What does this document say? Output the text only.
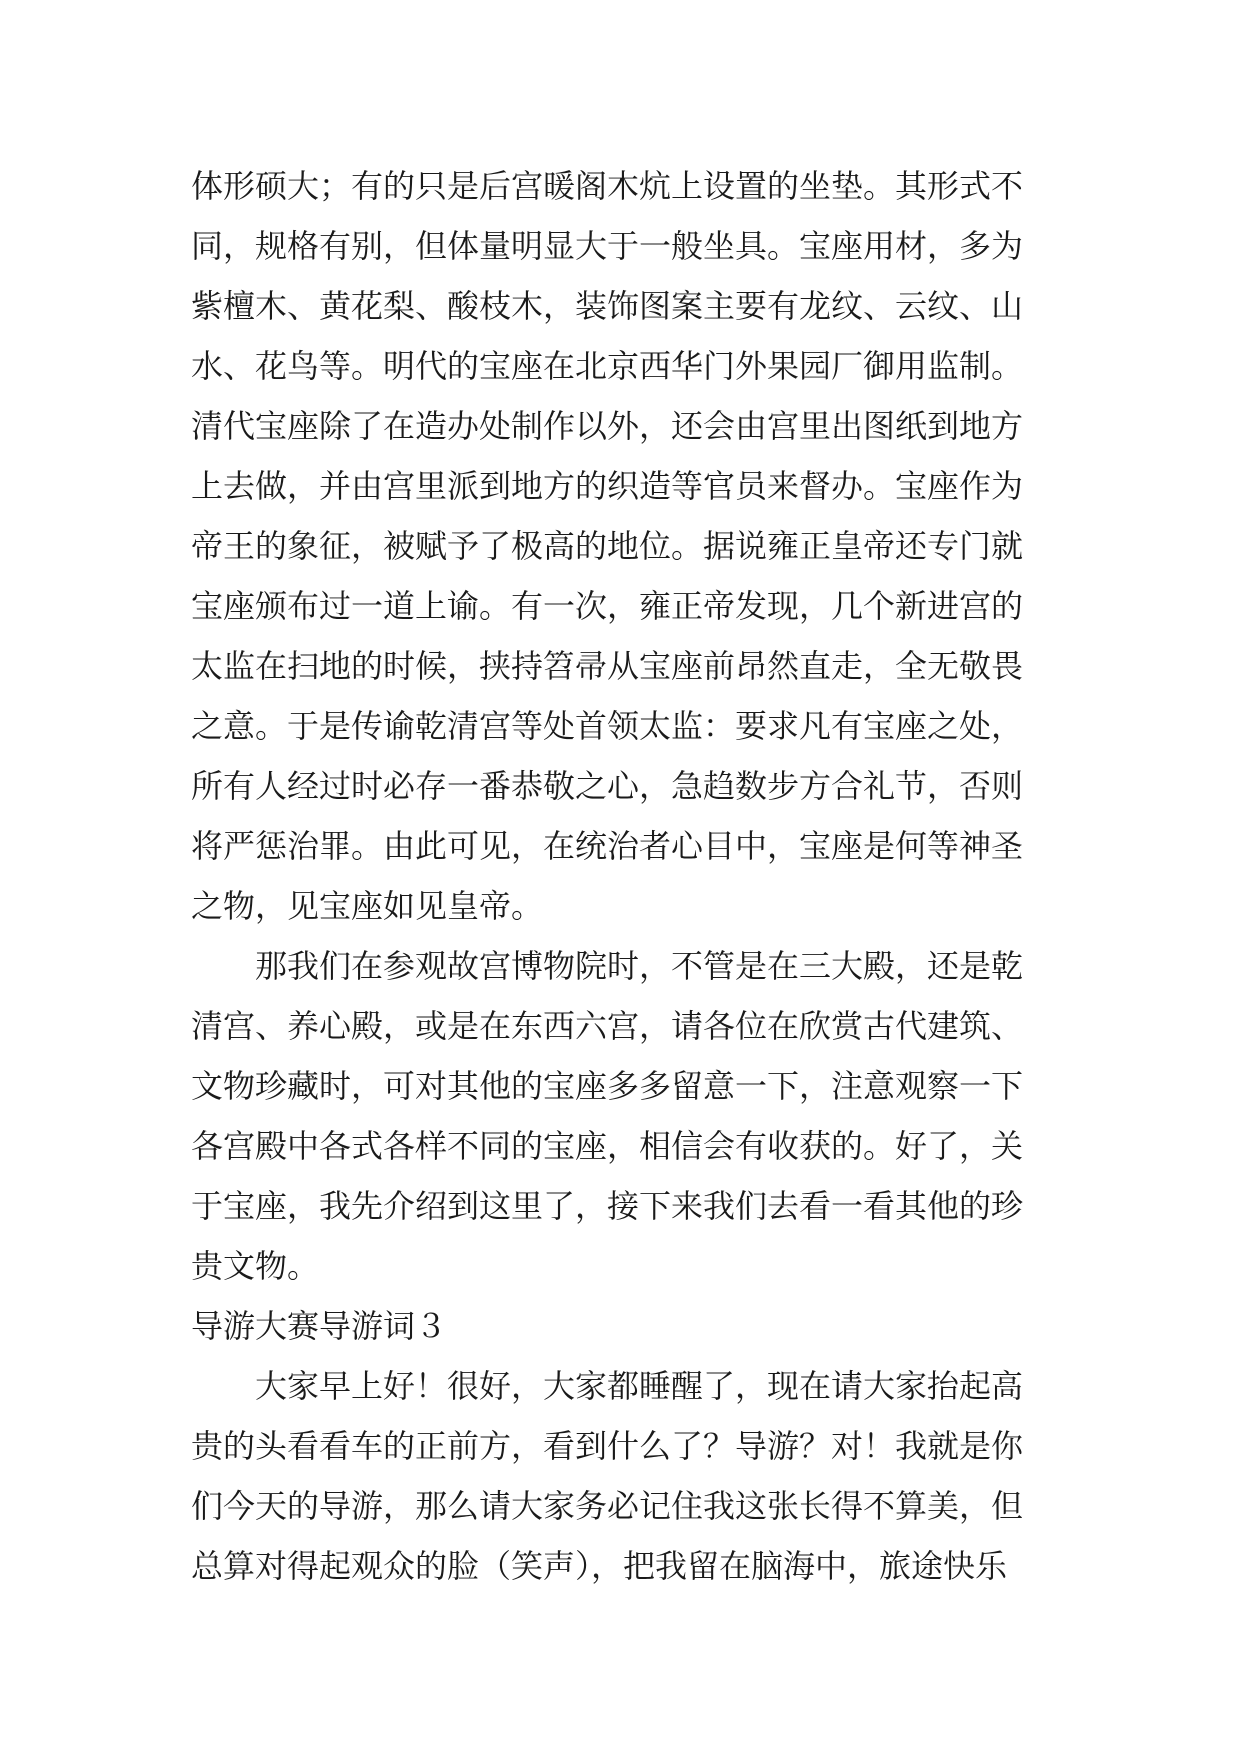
体形硕大；有的只是后宫暖阁木炕上设置的坐垫。其形式不
同，规格有别，但体量明显大于一般坐具。宝座用材，多为
紫檀木、黄花梨、酸枝木，装饰图案主要有龙纹、云纹、山
水、花鸟等。明代的宝座在北京西华门外果园厂御用监制。
清代宝座除了在造办处制作以外，还会由宫里出图纸到地方
上去做，并由宫里派到地方的织造等官员来督办。宝座作为
帝王的象征，被赋予了极高的地位。据说雍正皇帝还专门就
宝座颁布过一道上谕。有一次，雍正帝发现，几个新进宫的
太监在扫地的时候，挟持笤帚从宝座前昂然直走，全无敬畏
之意。于是传谕乾清宫等处首领太监：要求凡有宝座之处，
所有人经过时必存一番恭敬之心，急趋数步方合礼节，否则
将严惩治罪。由此可见，在统治者心目中，宝座是何等神圣
之物，见宝座如见皇帝。
　　那我们在参观故宫博物院时，不管是在三大殿，还是乾
清宫、养心殿，或是在东西六宫，请各位在欣赏古代建筑、
文物珍藏时，可对其他的宝座多多留意一下，注意观察一下
各宫殿中各式各样不同的宝座，相信会有收获的。好了，关
于宝座，我先介绍到这里了，接下来我们去看一看其他的珍
贵文物。
导游大赛导游词３
　　大家早上好！很好，大家都睡醒了，现在请大家抬起高
贵的头看看车的正前方，看到什么了？导游？对！我就是你
们今天的导游，那么请大家务必记住我这张长得不算美，但
总算对得起观众的脸（笑声），把我留在脑海中，旅途快乐
